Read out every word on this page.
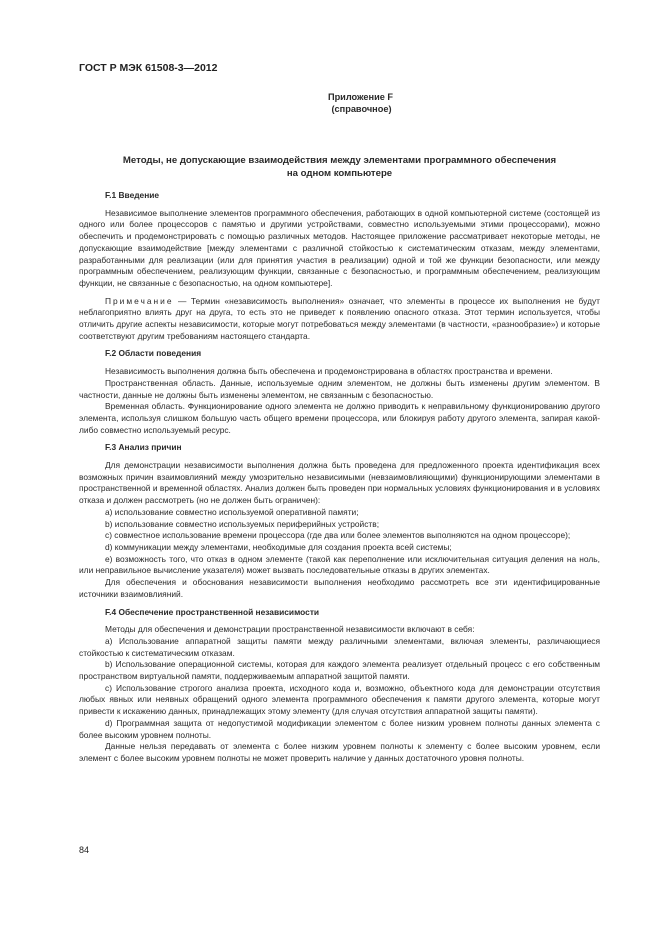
ГОСТ Р МЭК 61508-3—2012
Приложение F
(справочное)
Методы, не допускающие взаимодействия между элементами программного обеспечения
на одном компьютере

F.1 Введение

Независимое выполнение элементов программного обеспечения, работающих в одной компьютерной системе (состоящей из одного или более процессоров с памятью и другими устройствами, совместно используемыми этими процессорами), можно обеспечить и продемонстрировать с помощью различных методов. Настоящее приложение рассматривает некоторые методы, не допускающие взаимодействие [между элементами с различной стойкостью к систематическим отказам, между элементами, разработанными для реализации (или для принятия участия в реализации) одной и той же функции безопасности, или между программным обеспечением, реализующим функции, связанные с безопасностью, и программным обеспечением, реализующим функции, не связанные с безопасностью, на одном компьютере].

Примечание — Термин «независимость выполнения» означает, что элементы в процессе их выполнения не будут неблагоприятно влиять друг на друга, то есть это не приведет к появлению опасного отказа. Этот термин используется, чтобы отличить другие аспекты независимости, которые могут потребоваться между элементами (в частности, «разнообразие») и которые соответствуют другим требованиям настоящего стандарта.

F.2 Области поведения

Независимость выполнения должна быть обеспечена и продемонстрирована в областях пространства и времени.

Пространственная область. Данные, используемые одним элементом, не должны быть изменены другим элементом. В частности, данные не должны быть изменены элементом, не связанным с безопасностью.

Временная область. Функционирование одного элемента не должно приводить к неправильному функционированию другого элемента, используя слишком большую часть общего времени процессора, или блокируя работу другого элемента, запирая какой-либо совместно используемый ресурс.

F.3 Анализ причин

Для демонстрации независимости выполнения должна быть проведена для предложенного проекта идентификация всех возможных причин взаимовлияний между умозрительно независимыми (невзаимовлияющими) функционирующими элементами в пространственной и временной областях. Анализ должен быть проведен при нормальных условиях функционирования и в условиях отказа и должен рассмотреть (но не должен быть ограничен):

a) использование совместно используемой оперативной памяти;

b) использование совместно используемых периферийных устройств;

c) совместное использование времени процессора (где два или более элементов выполняются на одном процессоре);

d) коммуникации между элементами, необходимые для создания проекта всей системы;

e) возможность того, что отказ в одном элементе (такой как переполнение или исключительная ситуация деления на ноль, или неправильное вычисление указателя) может вызвать последовательные отказы в других элементах.

Для обеспечения и обоснования независимости выполнения необходимо рассмотреть все эти идентифицированные источники взаимовлияний.

F.4 Обеспечение пространственной независимости

Методы для обеспечения и демонстрации пространственной независимости включают в себя:

a) Использование аппаратной защиты памяти между различными элементами, включая элементы, различающиеся стойкостью к систематическим отказам.

b) Использование операционной системы, которая для каждого элемента реализует отдельный процесс с его собственным пространством виртуальной памяти, поддерживаемым аппаратной защитой памяти.

c) Использование строгого анализа проекта, исходного кода и, возможно, объектного кода для демонстрации отсутствия любых явных или неявных обращений одного элемента программного обеспечения к памяти другого элемента, которые могут привести к искажению данных, принадлежащих этому элементу (для случая отсутствия аппаратной защиты памяти).

d) Программная защита от недопустимой модификации элементом с более низким уровнем полноты данных элемента с более высоким уровнем полноты.

Данные нельзя передавать от элемента с более низким уровнем полноты к элементу с более высоким уровнем, если элемент с более высоким уровнем полноты не может проверить наличие у данных достаточного уровня полноты.

84
